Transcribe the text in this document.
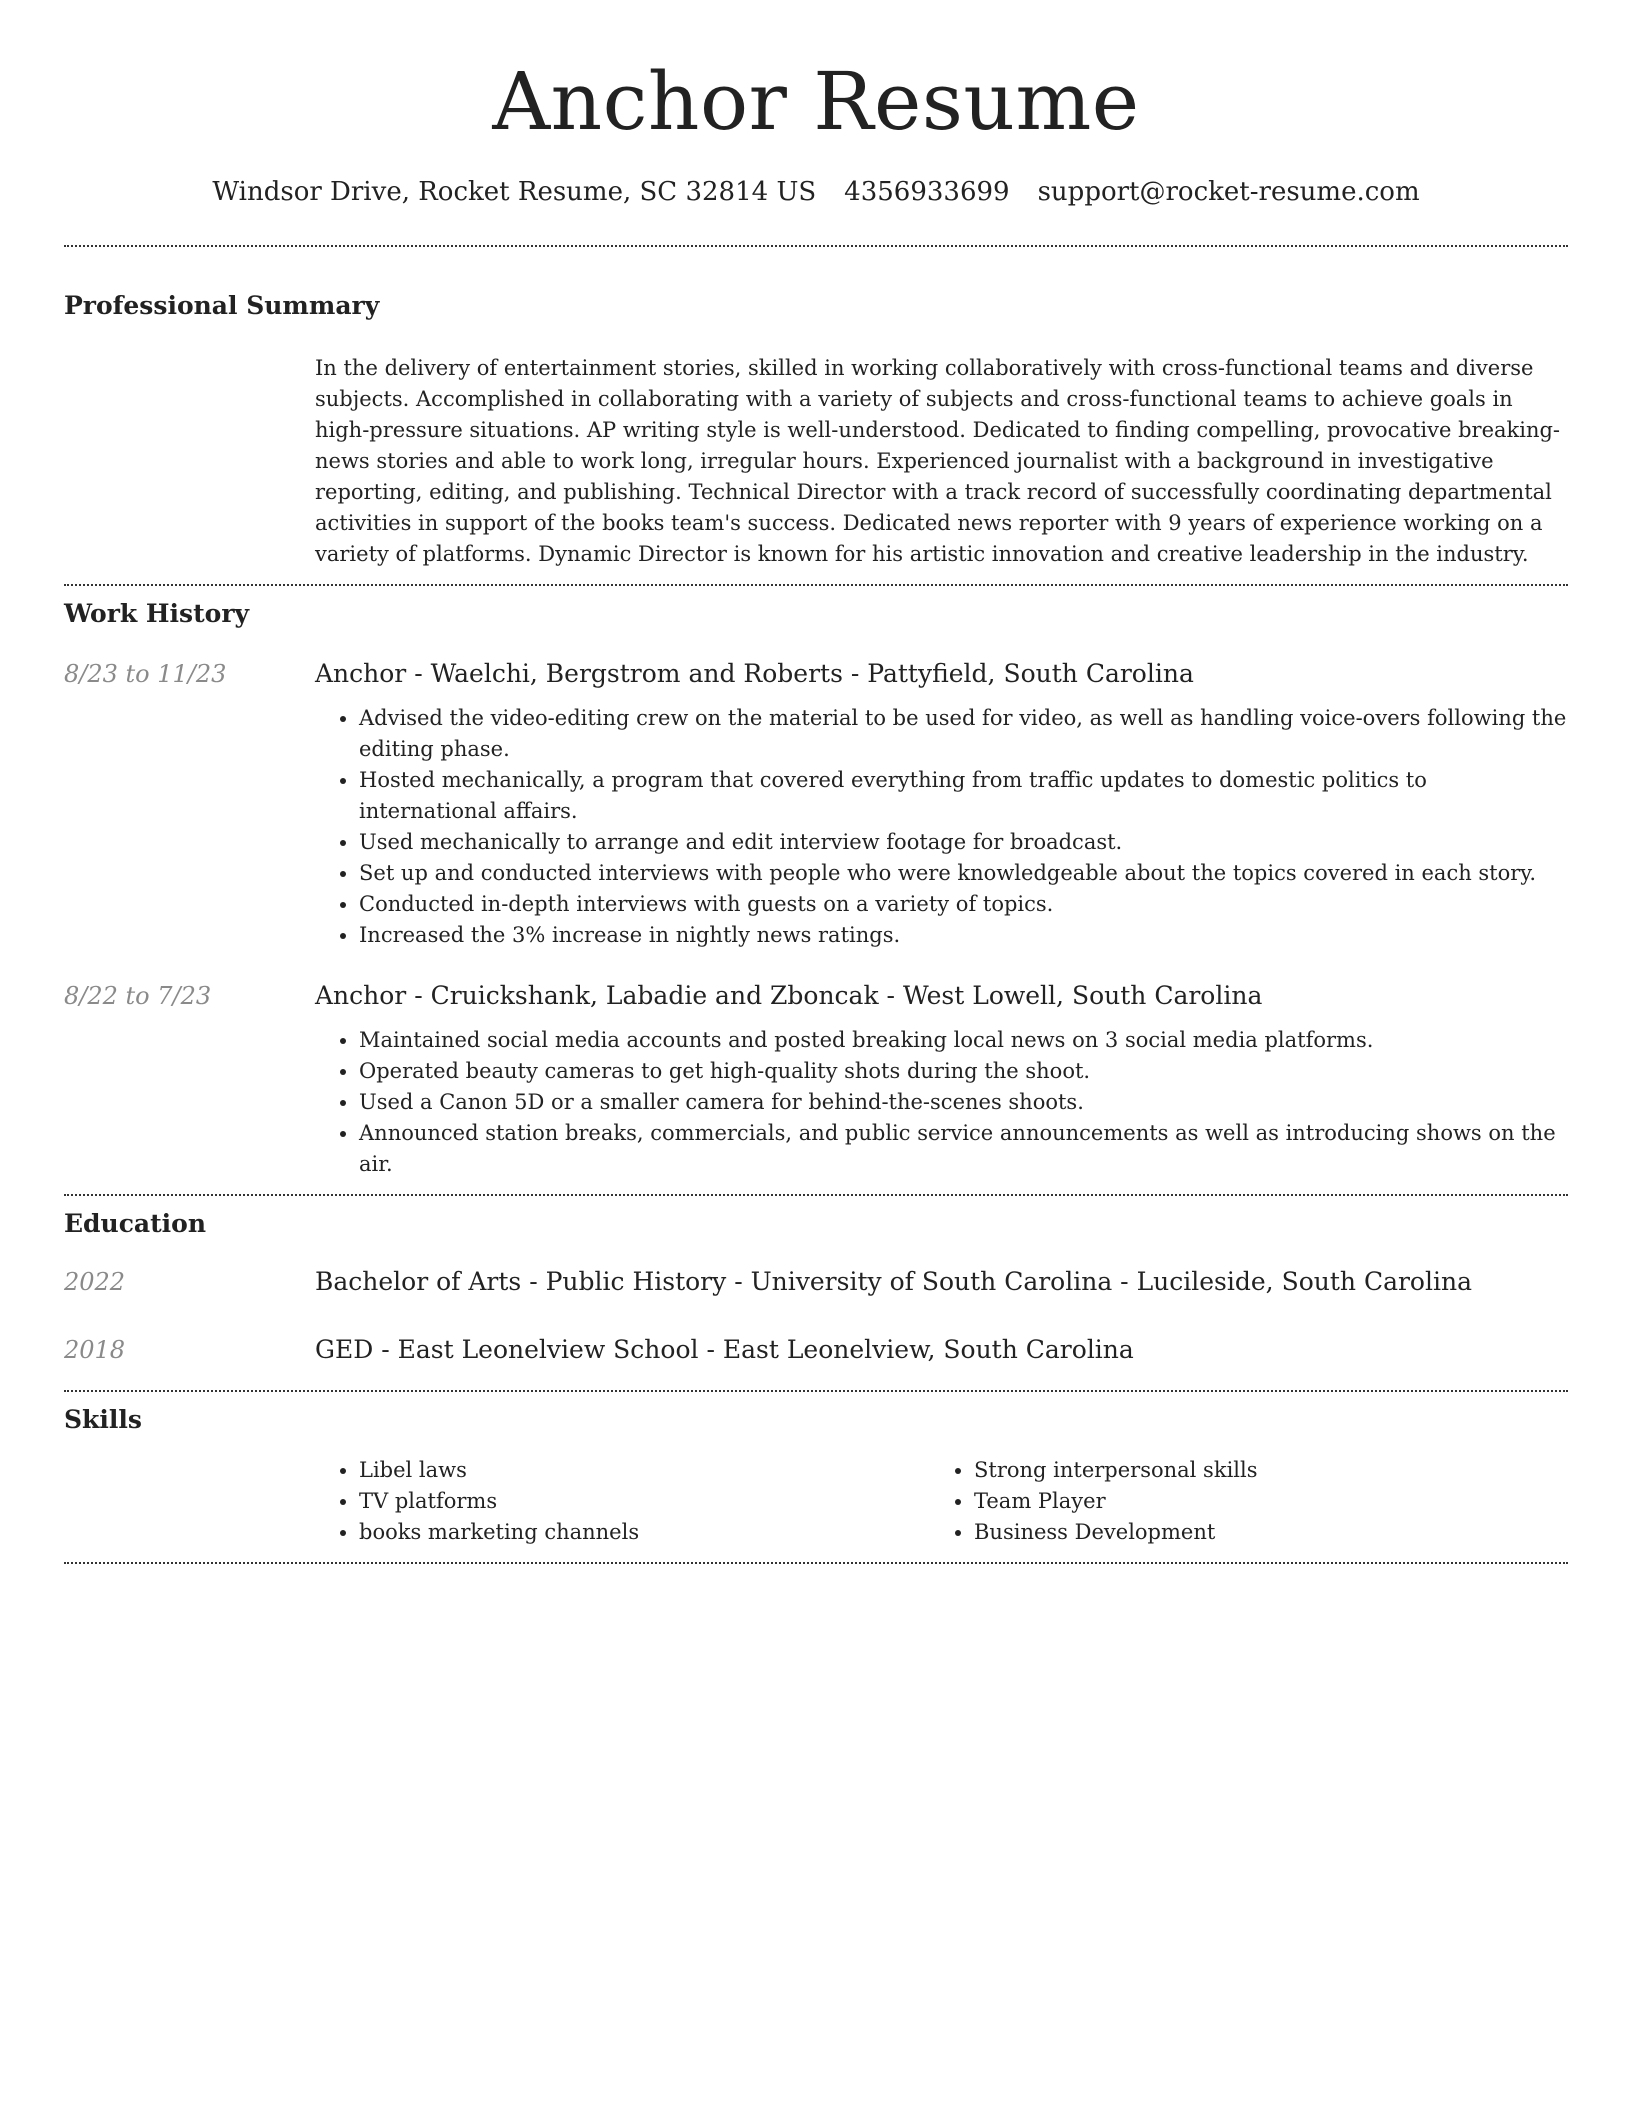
Anchor Resume
Windsor Drive, Rocket Resume, SC 32814 US 4356933699 support@rocket-resume.com
Professional Summary

In the delivery of entertainment stories, skilled in working collaboratively with cross-functional teams and diverse subjects. Accomplished in collaborating with a variety of subjects and cross-functional teams to achieve goals in high-pressure situations. AP writing style is well-understood. Dedicated to finding compelling, provocative breaking-news stories and able to work long, irregular hours. Experienced journalist with a background in investigative reporting, editing, and publishing. Technical Director with a track record of successfully coordinating departmental activities in support of the books team's success. Dedicated news reporter with 9 years of experience working on a variety of platforms. Dynamic Director is known for his artistic innovation and creative leadership in the industry.

Work History
8/23 to 11/23	Anchor - Waelchi, Bergstrom and Roberts - Pattyfield, South Carolina
• Advised the video-editing crew on the material to be used for video, as well as handling voice-overs following the editing phase.
• Hosted mechanically, a program that covered everything from traffic updates to domestic politics to international affairs.
• Used mechanically to arrange and edit interview footage for broadcast.
• Set up and conducted interviews with people who were knowledgeable about the topics covered in each story.
• Conducted in-depth interviews with guests on a variety of topics.
• Increased the 3% increase in nightly news ratings.
8/22 to 7/23	Anchor - Cruickshank, Labadie and Zboncak - West Lowell, South Carolina
• Maintained social media accounts and posted breaking local news on 3 social media platforms.
• Operated beauty cameras to get high-quality shots during the shoot.
• Used a Canon 5D or a smaller camera for behind-the-scenes shoots.
• Announced station breaks, commercials, and public service announcements as well as introducing shows on the air.
Education
2022	Bachelor of Arts - Public History - University of South Carolina - Lucileside, South Carolina
2018	GED - East Leonelview School - East Leonelview, South Carolina
Skills
• Libel laws
• TV platforms
• books marketing channels
• Strong interpersonal skills
• Team Player
• Business Development
